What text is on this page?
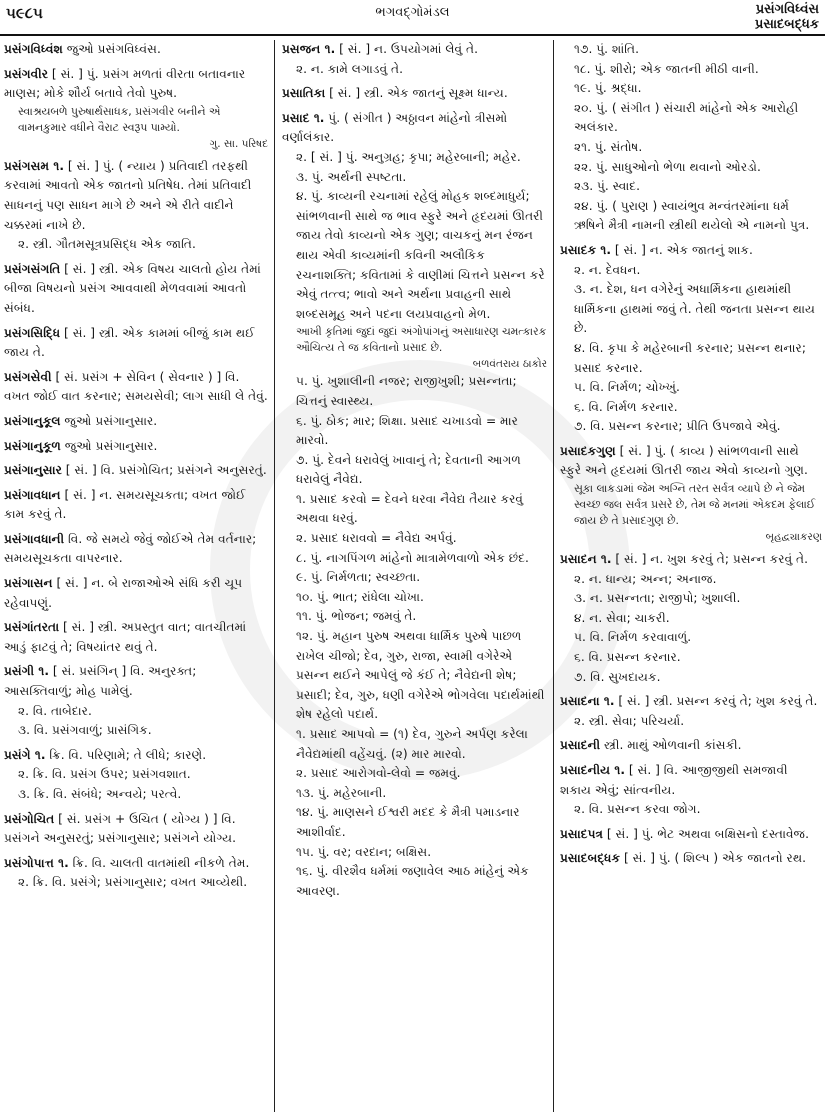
૫૯૮૫	ભગવદ્ગોમંડલ	પ્રસંગવિધ્વંસ
પ્રસાદબદ્ધક
પ્રસંગવિધ્વંશ જુઓ પ્રસંગવિધ્વંસ.
પ્રસંગવીર [ સં. ] પું. પ્રસંગ મળતાં વીરતા બતાવનાર માણસ; મોકે શૌર્ય બતાવે તેવો પુરુષ.
સ્વાશ્રયબળે પુરુષાર્થસાધક, પ્રસંગવીર બનીને એ વામનકુમાર વધીને વૈરાટ સ્વરૂપ પામ્યો.
ગુ. સા. પરિષદ
પ્રસંગસમ ૧. [ સં. ] પું. ( ન્યાય ) પ્રતિવાદી તરફથી કરવામાં આવતો એક જાતનો પ્રતિષેધ. તેમાં પ્રતિવાદી સાધનનું પણ સાધન માગે છે અને એ રીતે વાદીને ચક્કરમાં નાખે છે.
૨. સ્ત્રી. ગૌતમસૂત્રપ્રસિદ્ધ એક જાતિ.
પ્રસંગસંગતિ [ સં. ] સ્ત્રી. એક વિષય ચાલતો હોય તેમાં બીજા વિષયનો પ્રસંગ આવવાથી મેળવવામાં આવતો સંબંધ.
પ્રસંગસિદ્ધિ [ સં. ] સ્ત્રી. એક કામમાં બીજું કામ થઈ જાય તે.
પ્રસંગસેવી [ સં. પ્રસંગ + સેવિન ( સેવનાર ) ] વિ. વખત જોઈ વાત કરનાર; સમયસેવી; લાગ સાધી લે તેવું.
પ્રસંગાનુકૂલ જુઓ પ્રસંગાનુસાર.
પ્રસંગાનુકૂળ જુઓ પ્રસંગાનુસાર.
પ્રસંગાનુસાર [ સં. ] વિ. પ્રસંગોચિત; પ્રસંગને અનુસરતું.
પ્રસંગાવધાન [ સં. ] ન. સમયસૂચકતા; વખત જોઈ કામ કરવું તે.
પ્રસંગાવધાની વિ. જે સમયે જેવું જોઈએ તેમ વર્તનાર; સમયસૂચકતા વાપરનાર.
પ્રસંગાસન [ સં. ] ન. બે રાજાઓએ સંધિ કરી ચૂપ રહેવાપણું.
પ્રસંગાંતરતા [ સં. ] સ્ત્રી. અપ્રસ્તુત વાત; વાતચીતમાં આડું ફાટવું તે; વિષયાંતર થવું તે.
પ્રસંગી ૧. [ સં. પ્રસંગિન્ ] વિ. અનુરક્ત; આસક્તિવાળું; મોહ પામેલું.
૨. વિ. તાબેદાર.
૩. વિ. પ્રસંગવાળું; પ્રાસંગિક.
પ્રસંગે ૧. ક્રિ. વિ. પરિણામે; તે લીધે; કારણે.
૨. ક્રિ. વિ. પ્રસંગ ઉપર; પ્રસંગવશાત.
૩. ક્રિ. વિ. સંબંધે; અન્વયે; પરત્વે.
પ્રસંગોચિત [ સં. પ્રસંગ + ઉચિત ( યોગ્ય ) ] વિ. પ્રસંગને અનુસરતું; પ્રસંગાનુસાર; પ્રસંગને યોગ્ય.
પ્રસંગોપાત્ત ૧. ક્રિ. વિ. ચાલતી વાતમાંથી નીકળે તેમ.
૨. ક્રિ. વિ. પ્રસંગે; પ્રસંગાનુસાર; વખત આવ્યેથી.
પ્રસજન ૧. [ સં. ] ન. ઉપયોગમાં લેવું તે.
૨. ન. કામે લગાડવું તે.
પ્રસાતિકા [ સં. ] સ્ત્રી. એક જાતનું સૂક્ષ્મ ધાન્ય.
પ્રસાદ ૧. પું. ( સંગીત ) અઠ્ઠાવન માંહેનો ત્રીસમો વર્ણાલંકાર.
૨. [ સં. ] પું. અનુગ્રહ; કૃપા; મહેરબાની; મહેર.
૩. પું. અર્થની સ્પષ્ટતા.
૪. પું. કાવ્યની રચનામાં રહેલું મોહક શબ્દમાધુર્ય; સાંભળવાની સાથે જ ભાવ સ્ફુરે અને હૃદયમાં ઊતરી જાય તેવો કાવ્યનો એક ગુણ; વાચકનું મન રંજન થાય એવી કાવ્યમાંની કવિની અલૌકિક રચનાશક્તિ; કવિતામાં કે વાણીમાં ચિત્તને પ્રસન્ન કરે એવું તત્ત્વ; ભાવો અને અર્થના પ્રવાહની સાથે શબ્દસમૂહ અને પદના લયપ્રવાહનો મેળ.
આખી કૃતિમાં જુદાં જુદાં અંગોપાંગનું અસાધારણ ચમત્કારક ઔચિત્ય તે જ કવિતાનો પ્રસાદ છે.
બળવંતરાય ઠાકોર
૫. પું. ખુશાલીની નજર; રાજીખુશી; પ્રસન્નતા; ચિત્તનું સ્વાસ્થ્ય.
૬. પું. ઠોક; માર; શિક્ષા. પ્રસાદ ચખાડવો = માર મારવો.
૭. પું. દેવને ધરાવેલું ખાવાનું તે; દેવતાની આગળ ધરાવેલું નૈવેદ્ય.
૧. પ્રસાદ કરવો = દેવને ધરવા નૈવેદ્ય તૈયાર કરવું અથવા ધરવું.
૨. પ્રસાદ ધરાવવો = નૈવેદ્ય અર્પવું.
૮. પું. નાગપિંગળ માંહેનો માત્રામેળવાળો એક છંદ.
૯. પું. નિર્મળતા; સ્વચ્છતા.
૧૦. પું. ભાત; રાંધેલા ચોખા.
૧૧. પું. ભોજન; જમવું તે.
૧૨. પું. મહાન પુરુષ અથવા ધાર્મિક પુરુષે પાછળ રાખેલ ચીજો; દેવ, ગુરુ, રાજા, સ્વામી વગેરેએ પ્રસન્ન થઈને આપેલું જે કંઈ તે; નૈવેદ્યની શેષ; પ્રસાદી; દેવ, ગુરુ, ધણી વગેરેએ ભોગવેલા પદાર્થમાંથી શેષ રહેલો પદાર્થ.
૧. પ્રસાદ આપવો = (૧) દેવ, ગુરુને અર્પણ કરેલા નૈવેદ્યમાંથી વહેંચવું. (૨) માર મારવો.
૨. પ્રસાદ આરોગવો-લેવો = જમવું.
૧૩. પું. મહેરબાની.
૧૪. પું. માણસને ઈશ્વરી મદદ કે મૈત્રી પમાડનાર આશીર્વાદ.
૧૫. પું. વર; વરદાન; બક્ષિસ.
૧૬. પું. વીરશૈવ ધર્મમાં જણાવેલ આઠ માંહેનું એક આવરણ.
૧૭. પું. શાંતિ.
૧૮. પું. શીરો; એક જાતની મીઠી વાની.
૧૯. પું. શ્રદ્ધા.
૨૦. પું. ( સંગીત ) સંચારી માંહેનો એક આરોહી અલંકાર.
૨૧. પું. સંતોષ.
૨૨. પું. સાધુઓનો ભેળા થવાનો ઓરડો.
૨૩. પું. સ્વાદ.
૨૪. પું. ( પુરાણ ) સ્વાયંભુવ મન્વંતરમાંના ધર્મ ઋષિને મૈત્રી નામની સ્ત્રીથી થયેલો એ નામનો પુત્ર.
પ્રસાદક ૧. [ સં. ] ન. એક જાતનું શાક.
૨. ન. દેવધન.
૩. ન. દેશ, ધન વગેરેનું અધાર્મિકના હાથમાંથી ધાર્મિકના હાથમાં જવું તે. તેથી જનતા પ્રસન્ન થાય છે.
૪. વિ. કૃપા કે મહેરબાની કરનાર; પ્રસન્ન થનાર; પ્રસાદ કરનાર.
૫. વિ. નિર્મળ; ચોખ્ખું.
૬. વિ. નિર્મળ કરનાર.
૭. વિ. પ્રસન્ન કરનાર; પ્રીતિ ઉપજાવે એવું.
પ્રસાદકગુણ [ સં. ] પું. ( કાવ્ય ) સાંભળવાની સાથે સ્ફુરે અને હૃદયમાં ઊતરી જાય એવો કાવ્યનો ગુણ.
સૂકા લાકડામાં જેમ અગ્નિ તરત સર્વત્ર વ્યાપે છે ને જેમ સ્વચ્છ જલ સર્વત્ર પ્રસરે છે, તેમ જે મનમાં એકદમ ફેલાઈ જાય છે તે પ્રસાદગુણ છે.
બૃહદ્વ્યાકરણ
પ્રસાદન ૧. [ સં. ] ન. ખુશ કરવું તે; પ્રસન્ન કરવું તે.
૨. ન. ધાન્ય; અન્ન; અનાજ.
૩. ન. પ્રસન્નતા; રાજીપો; ખુશાલી.
૪. ન. સેવા; ચાકરી.
૫. વિ. નિર્મળ કરવાવાળું.
૬. વિ. પ્રસન્ન કરનાર.
૭. વિ. સુખદાયક.
પ્રસાદના ૧. [ સં. ] સ્ત્રી. પ્રસન્ન કરવું તે; ખુશ કરવું તે.
૨. સ્ત્રી. સેવા; પરિચર્યા.
પ્રસાદની સ્ત્રી. માથું ઓળવાની કાંસકી.
પ્રસાદનીય ૧. [ સં. ] વિ. આજીજીથી સમજાવી શકાય એવું; સાંત્વનીય.
૨. વિ. પ્રસન્ન કરવા જોગ.
પ્રસાદપત્ર [ સં. ] પું. ભેટ અથવા બક્ષિસનો દસ્તાવેજ.
પ્રસાદબદ્ધક [ સં. ] પું. ( શિલ્પ ) એક જાતનો રથ.
